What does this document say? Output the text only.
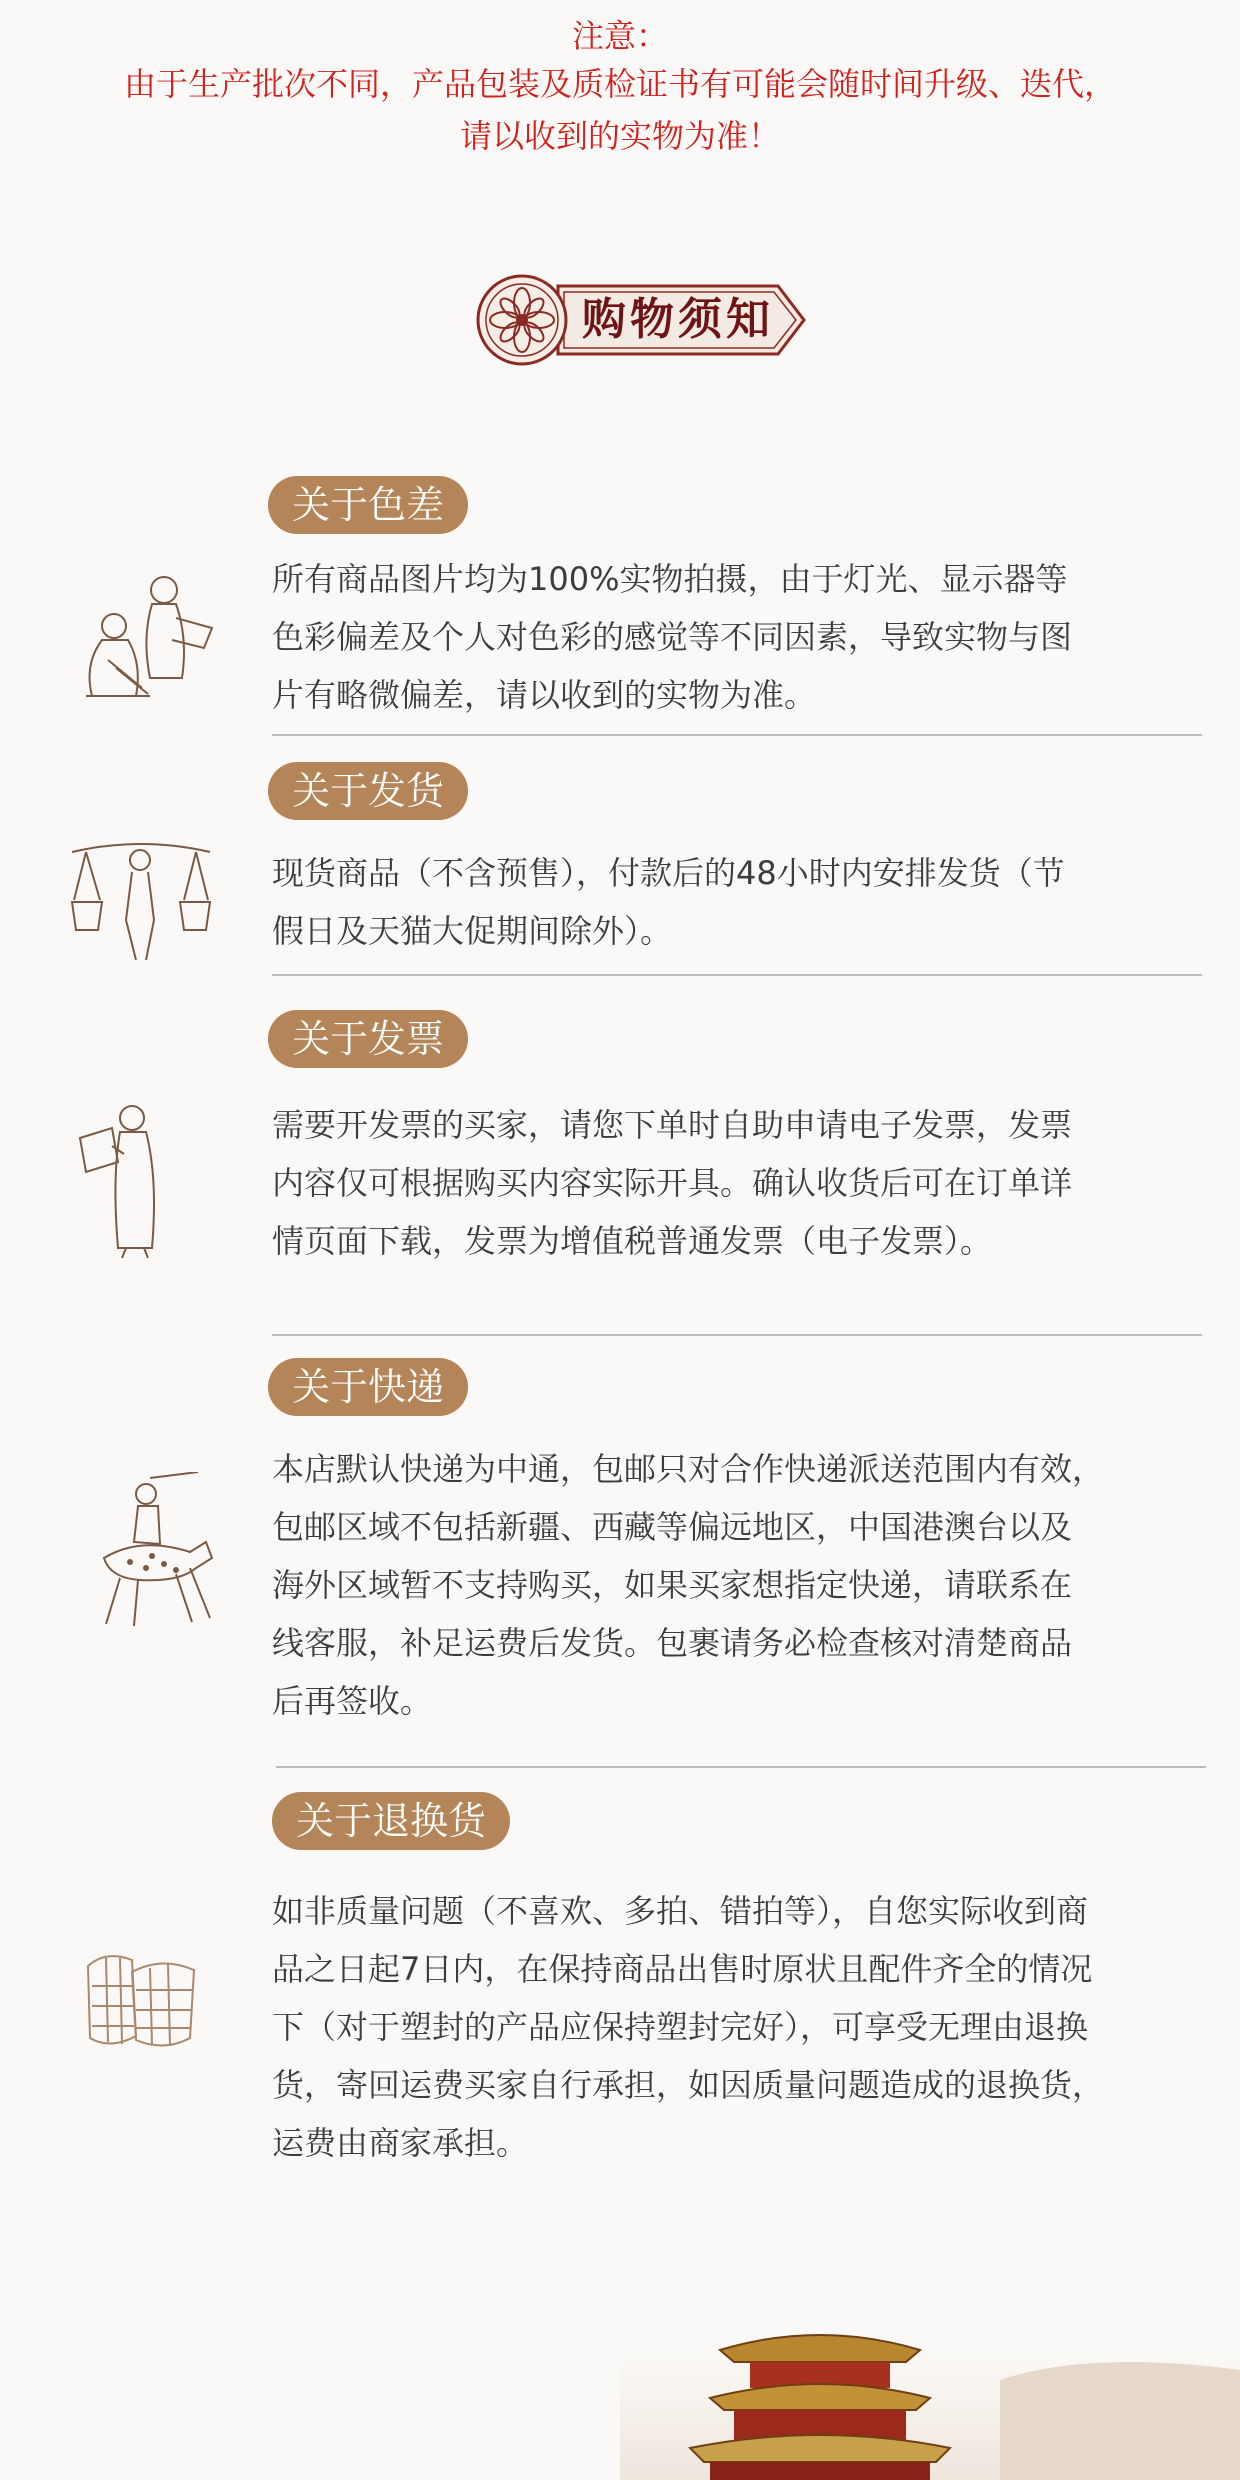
注意：
由于生产批次不同，产品包装及质检证书有可能会随时间升级、迭代，
请以收到的实物为准！
购物须知
关于色差
所有商品图片均为100%实物拍摄，由于灯光、显示器等
色彩偏差及个人对色彩的感觉等不同因素，导致实物与图
片有略微偏差，请以收到的实物为准。
关于发货
现货商品（不含预售），付款后的48小时内安排发货（节
假日及天猫大促期间除外）。
关于发票
需要开发票的买家，请您下单时自助申请电子发票，发票
内容仅可根据购买内容实际开具。确认收货后可在订单详
情页面下载，发票为增值税普通发票（电子发票）。
关于快递
本店默认快递为中通，包邮只对合作快递派送范围内有效，
包邮区域不包括新疆、西藏等偏远地区，中国港澳台以及
海外区域暂不支持购买，如果买家想指定快递，请联系在
线客服，补足运费后发货。包裹请务必检查核对清楚商品
后再签收。
关于退换货
如非质量问题（不喜欢、多拍、错拍等），自您实际收到商
品之日起7日内，在保持商品出售时原状且配件齐全的情况
下（对于塑封的产品应保持塑封完好），可享受无理由退换
货，寄回运费买家自行承担，如因质量问题造成的退换货，
运费由商家承担。
